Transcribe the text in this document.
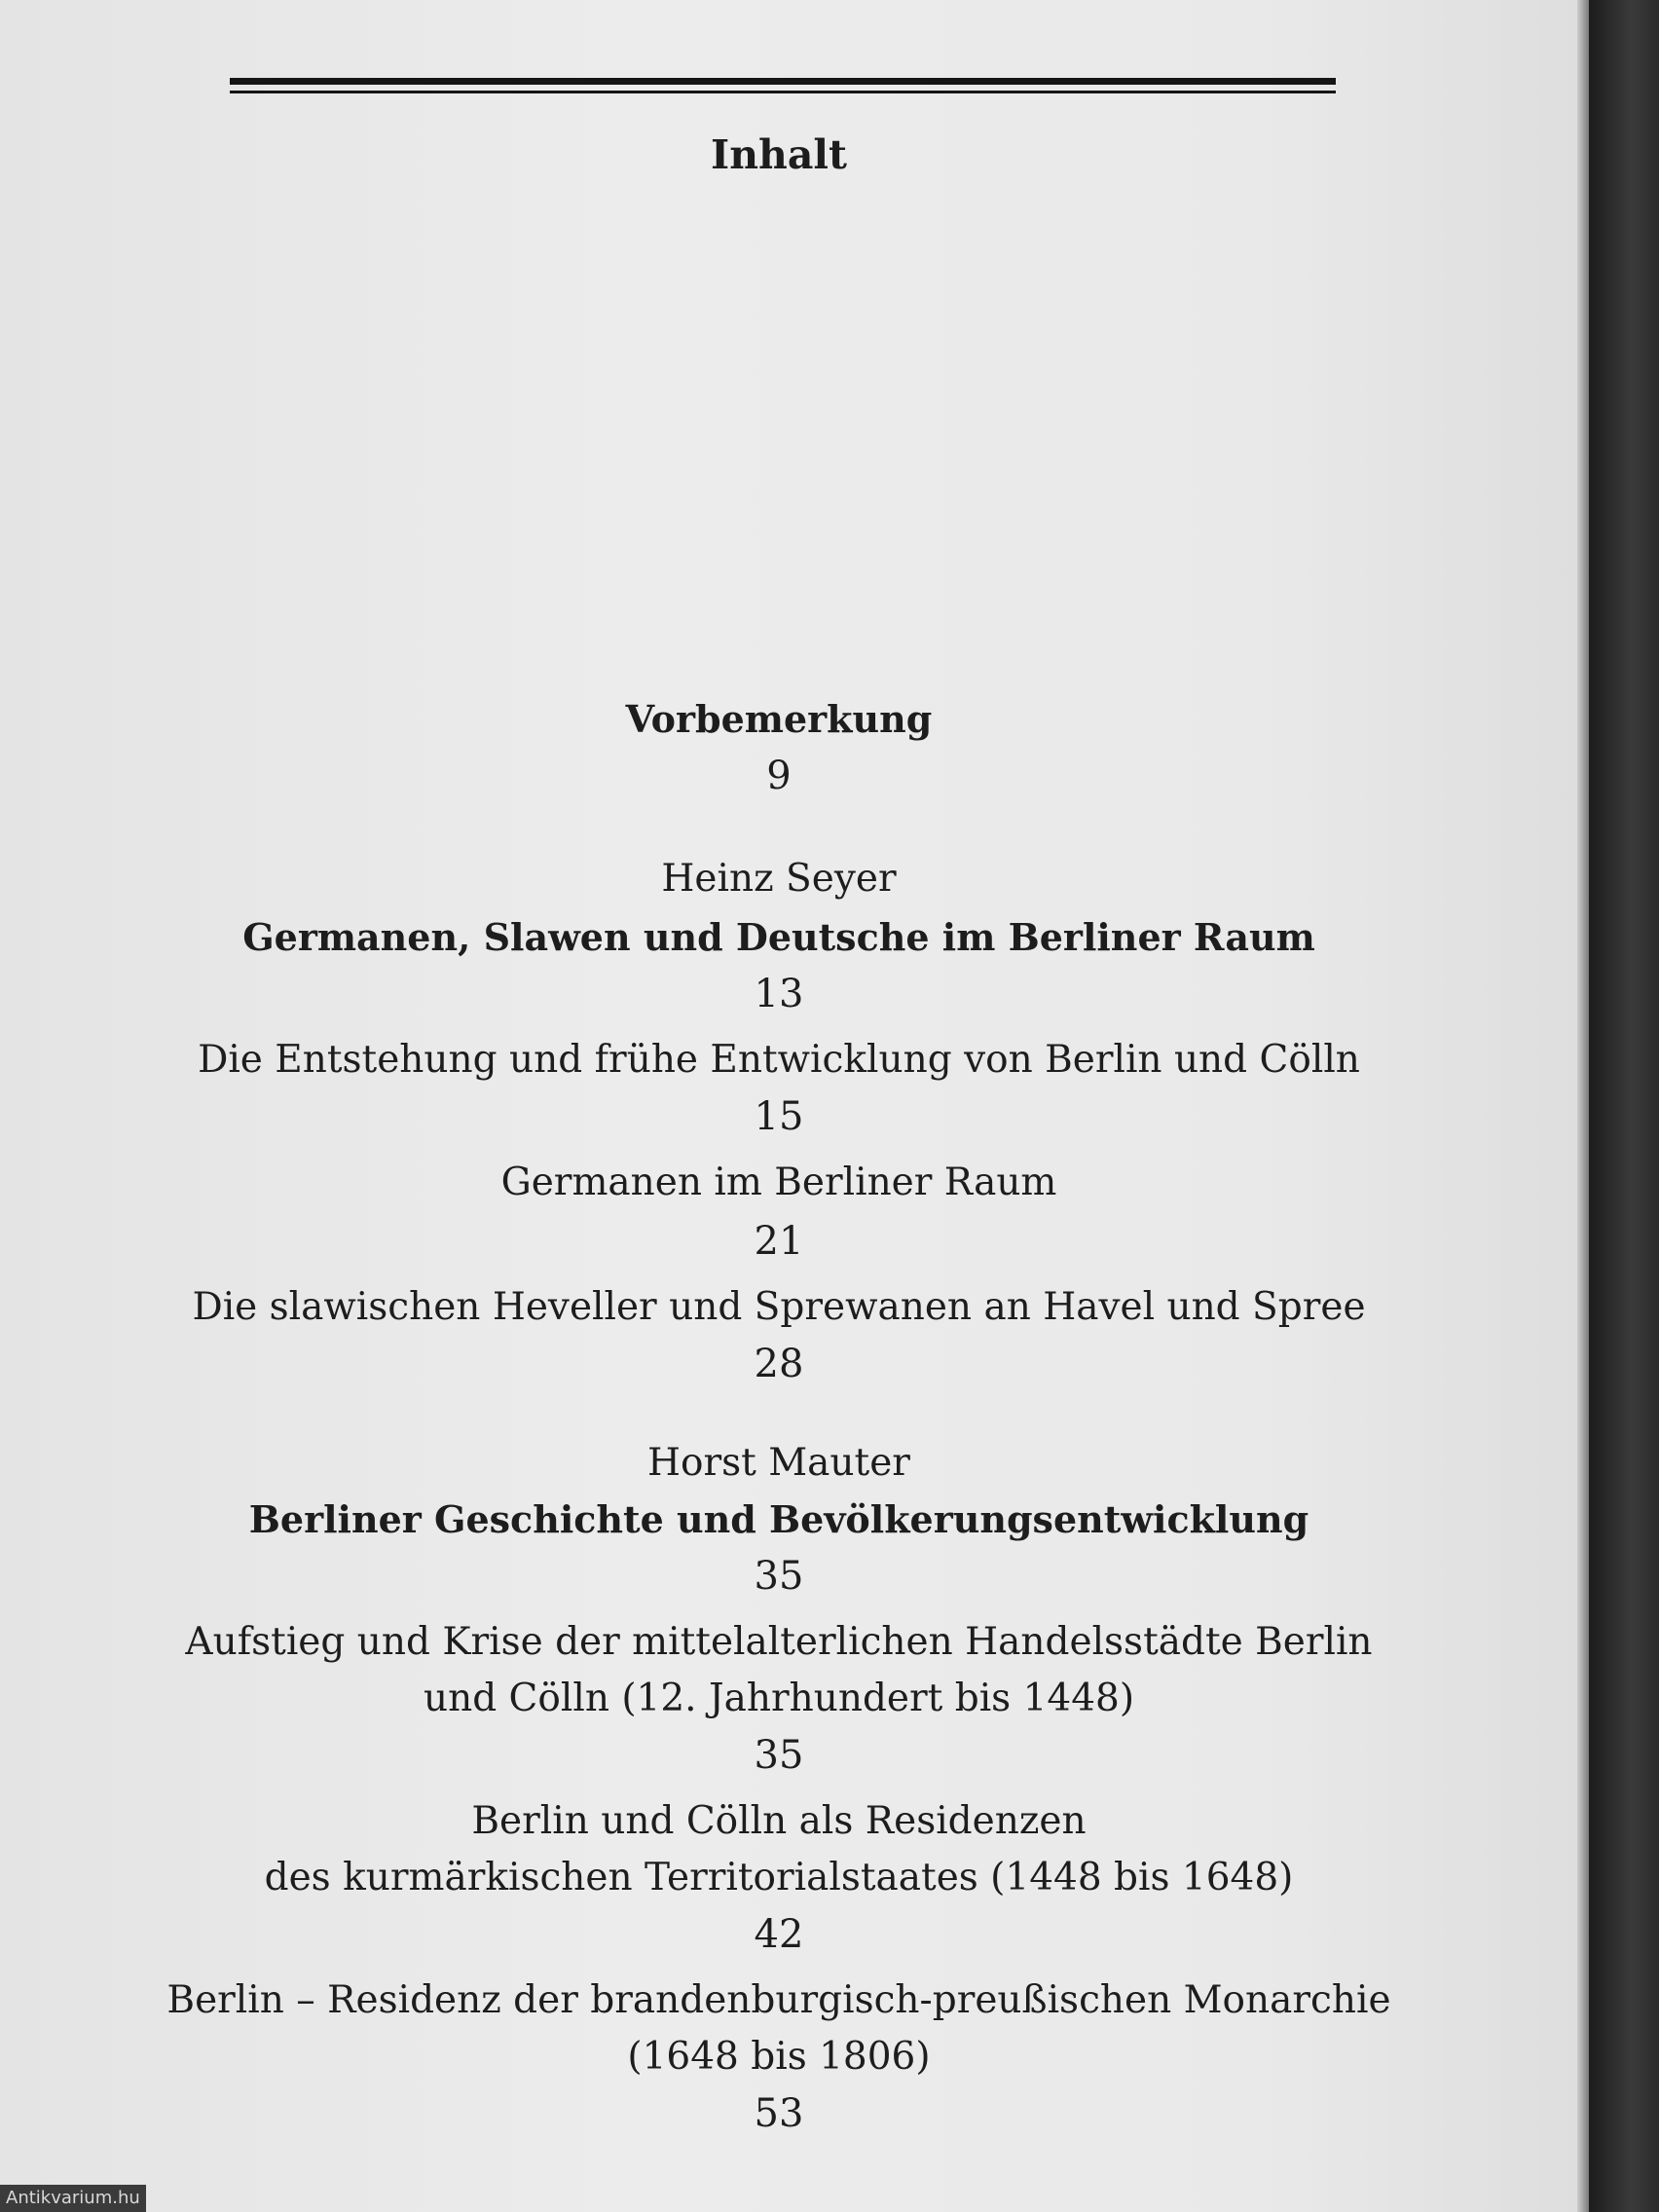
Inhalt
Vorbemerkung
9
Heinz Seyer
Germanen, Slawen und Deutsche im Berliner Raum
13
Die Entstehung und frühe Entwicklung von Berlin und Cölln
15
Germanen im Berliner Raum
21
Die slawischen Heveller und Sprewanen an Havel und Spree
28
Horst Mauter
Berliner Geschichte und Bevölkerungsentwicklung
35
Aufstieg und Krise der mittelalterlichen Handelsstädte Berlin
und Cölln (12. Jahrhundert bis 1448)
35
Berlin und Cölln als Residenzen
des kurmärkischen Territorialstaates (1448 bis 1648)
42
Berlin – Residenz der brandenburgisch-preußischen Monarchie
(1648 bis 1806)
53
Antikvarium.hu
